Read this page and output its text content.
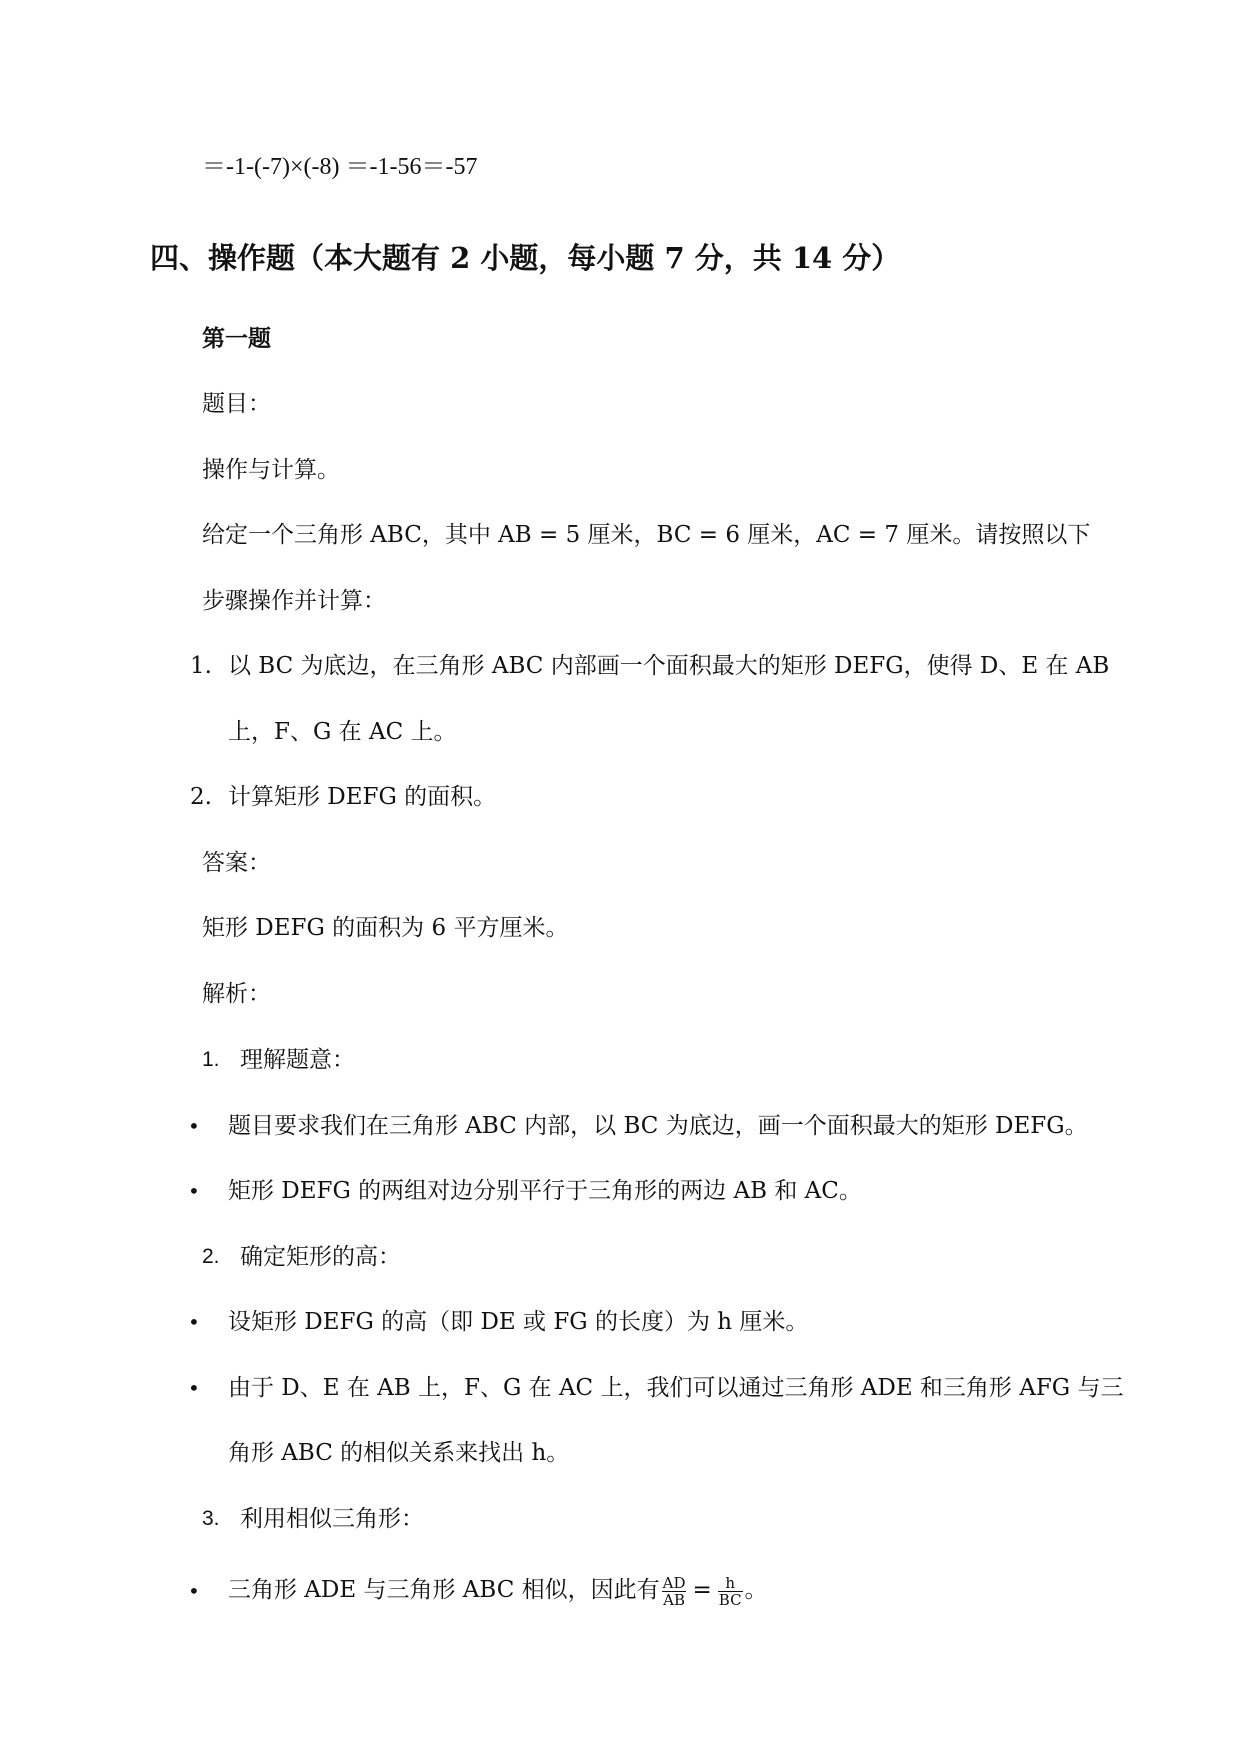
＝-1-(-7)×(-8) ＝-1-56＝-57
四、操作题（本大题有 2 小题，每小题 7 分，共 14 分）
第一题
题目：
操作与计算。
给定一个三角形 ABC，其中 AB = 5 厘米，BC = 6 厘米，AC = 7 厘米。请按照以下
步骤操作并计算：
1. 以 BC 为底边，在三角形 ABC 内部画一个面积最大的矩形 DEFG，使得 D、E 在 AB
上，F、G 在 AC 上。
2. 计算矩形 DEFG 的面积。
答案：
矩形 DEFG 的面积为 6 平方厘米。
解析：
1. 理解题意：
• 题目要求我们在三角形 ABC 内部，以 BC 为底边，画一个面积最大的矩形 DEFG。
• 矩形 DEFG 的两组对边分别平行于三角形的两边 AB 和 AC。
2. 确定矩形的高：
• 设矩形 DEFG 的高（即 DE 或 FG 的长度）为 h 厘米。
• 由于 D、E 在 AB 上，F、G 在 AC 上，我们可以通过三角形 ADE 和三角形 AFG 与三
角形 ABC 的相似关系来找出 h。
3. 利用相似三角形：
• 三角形 ADE 与三角形 ABC 相似，因此有 $\frac{AD}{AB} = \frac{h}{BC}$ 。
